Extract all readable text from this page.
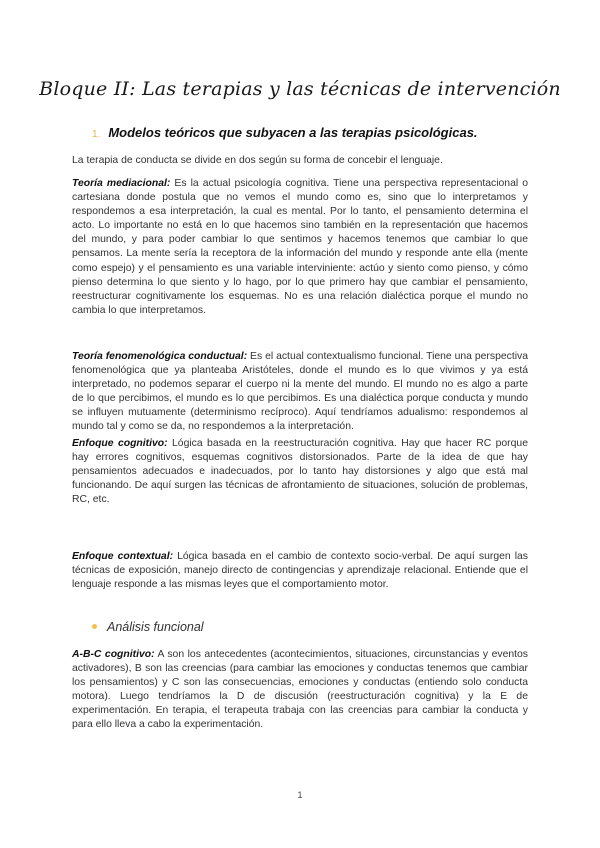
Bloque II: Las terapias y las técnicas de intervención
1. Modelos teóricos que subyacen a las terapias psicológicas.
La terapia de conducta se divide en dos según su forma de concebir el lenguaje.

Teoría mediacional: Es la actual psicología cognitiva. Tiene una perspectiva representacional o cartesiana donde postula que no vemos el mundo como es, sino que lo interpretamos y respondemos a esa interpretación, la cual es mental. Por lo tanto, el pensamiento determina el acto. Lo importante no está en lo que hacemos sino también en la representación que hacemos del mundo, y para poder cambiar lo que sentimos y hacemos tenemos que cambiar lo que pensamos. La mente sería la receptora de la información del mundo y responde ante ella (mente como espejo) y el pensamiento es una variable interviniente: actúo y siento como pienso, y cómo pienso determina lo que siento y lo hago, por lo que primero hay que cambiar el pensamiento, reestructurar cognitivamente los esquemas. No es una relación dialéctica porque el mundo no cambia lo que interpretamos.

Teoría fenomenológica conductual: Es el actual contextualismo funcional. Tiene una perspectiva fenomenológica que ya planteaba Aristóteles, donde el mundo es lo que vivimos y ya está interpretado, no podemos separar el cuerpo ni la mente del mundo. El mundo no es algo a parte de lo que percibimos, el mundo es lo que percibimos. Es una dialéctica porque conducta y mundo se influyen mutuamente (determinismo recíproco). Aquí tendríamos adualismo: respondemos al mundo tal y como se da, no respondemos a la interpretación.

Enfoque cognitivo: Lógica basada en la reestructuración cognitiva. Hay que hacer RC porque hay errores cognitivos, esquemas cognitivos distorsionados. Parte de la idea de que hay pensamientos adecuados e inadecuados, por lo tanto hay distorsiones y algo que está mal funcionando. De aquí surgen las técnicas de afrontamiento de situaciones, solución de problemas, RC, etc.

Enfoque contextual: Lógica basada en el cambio de contexto socio-verbal. De aquí surgen las técnicas de exposición, manejo directo de contingencias y aprendizaje relacional. Entiende que el lenguaje responde a las mismas leyes que el comportamiento motor.

Análisis funcional

A-B-C cognitivo: A son los antecedentes (acontecimientos, situaciones, circunstancias y eventos activadores), B son las creencias (para cambiar las emociones y conductas tenemos que cambiar los pensamientos) y C son las consecuencias, emociones y conductas (entiendo solo conducta motora). Luego tendríamos la D de discusión (reestructuración cognitiva) y la E de experimentación. En terapia, el terapeuta trabaja con las creencias para cambiar la conducta y para ello lleva a cabo la experimentación.

1
